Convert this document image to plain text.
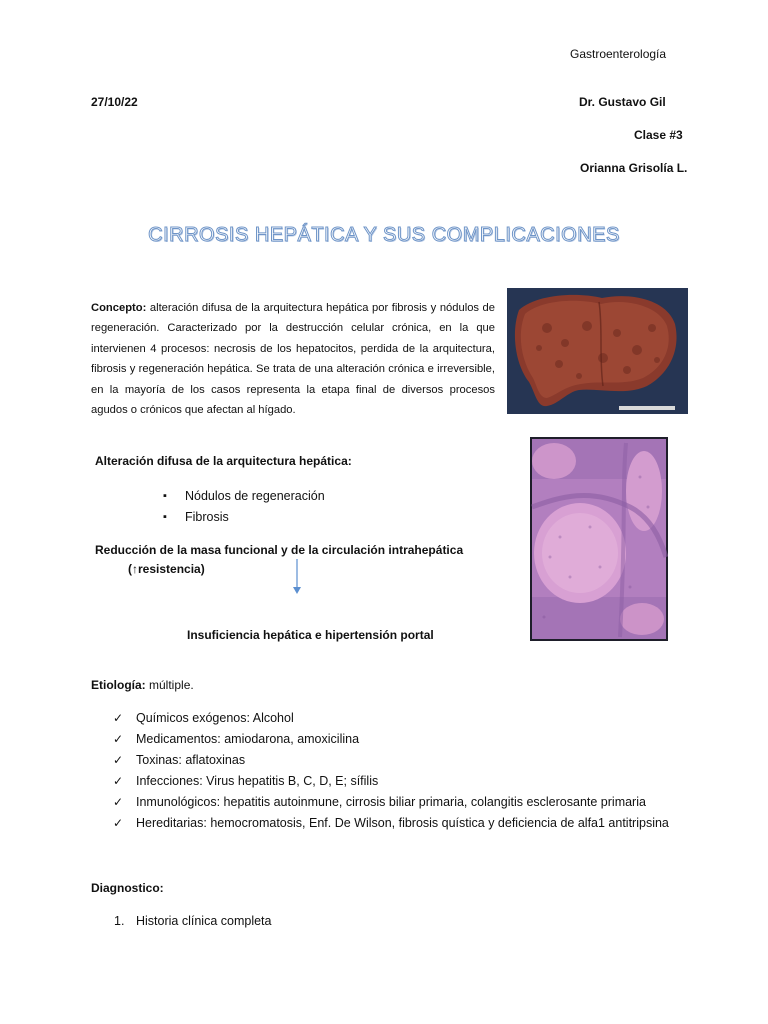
Gastroenterología
27/10/22	Dr. Gustavo Gil
Clase #3
Orianna Grisolía L.
CIRROSIS HEPÁTICA Y SUS COMPLICACIONES
Concepto: alteración difusa de la arquitectura hepática por fibrosis y nódulos de regeneración. Caracterizado por la destrucción celular crónica, en la que intervienen 4 procesos: necrosis de los hepatocitos, perdida de la arquitectura, fibrosis y regeneración hepática. Se trata de una alteración crónica e irreversible, en la mayoría de los casos representa la etapa final de diversos procesos agudos o crónicos que afectan al hígado.
Alteración difusa de la arquitectura hepática:
▪ Nódulos de regeneración
▪ Fibrosis
Reducción de la masa funcional y de la circulación intrahepática
(↑resistencia)
Insuficiencia hepática e hipertensión portal
Etiología: múltiple.
✓ Químicos exógenos: Alcohol
✓ Medicamentos: amiodarona, amoxicilina
✓ Toxinas: aflatoxinas
✓ Infecciones: Virus hepatitis B, C, D, E; sífilis
✓ Inmunológicos: hepatitis autoinmune, cirrosis biliar primaria, colangitis esclerosante primaria
✓ Hereditarias: hemocromatosis, Enf. De Wilson, fibrosis quística y deficiencia de alfa1 antitripsina
Diagnostico:
1. Historia clínica completa
